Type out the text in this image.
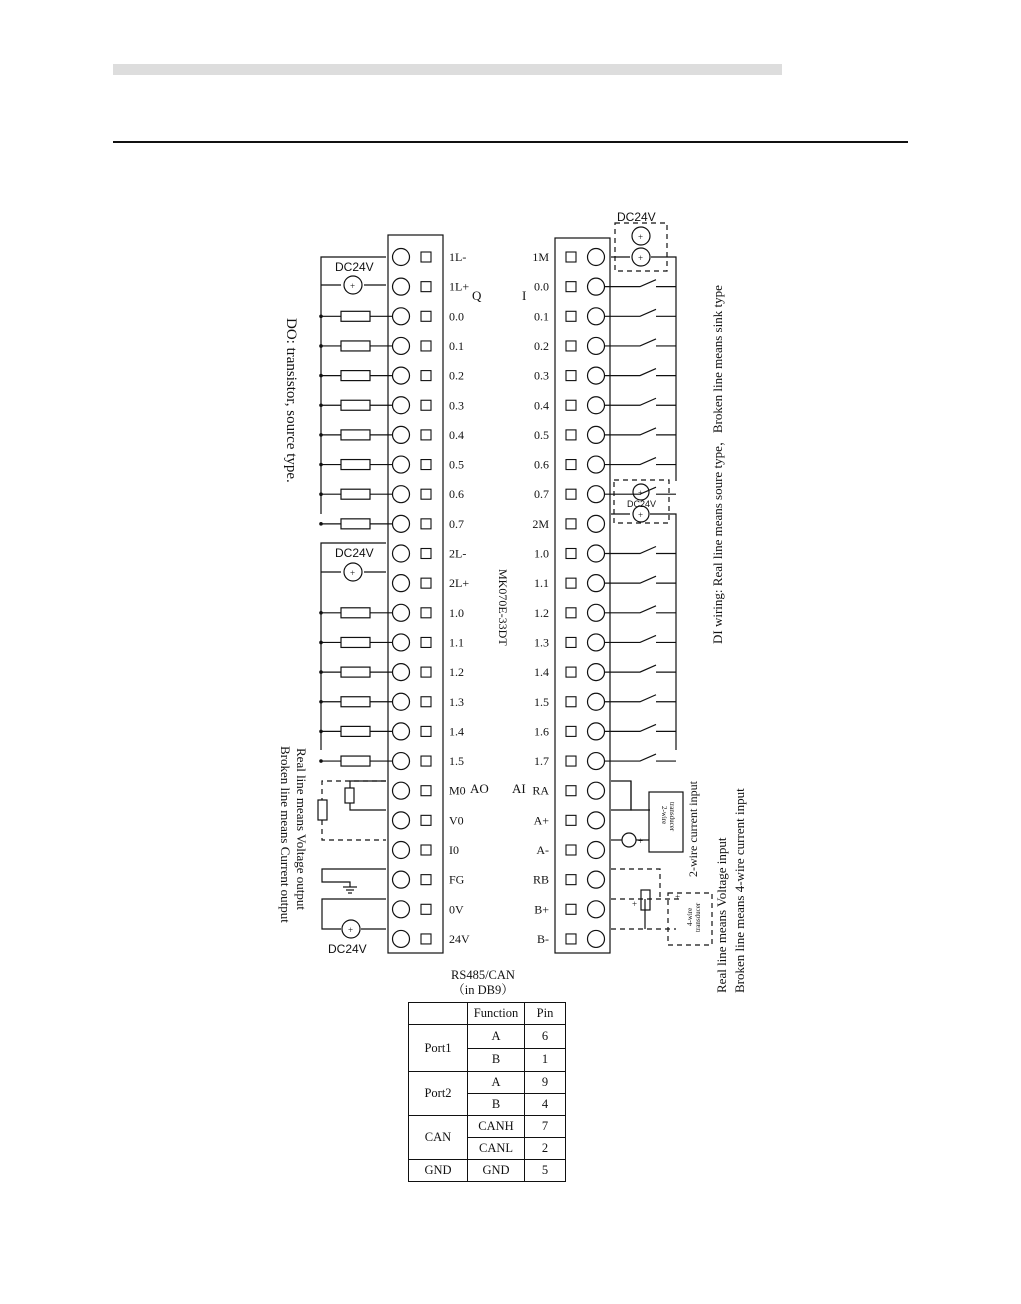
+
+
+
+
+
+
+
+
+
+
1L-
1L+
0.0
0.1
0.2
0.3
0.4
0.5
0.6
0.7
2L-
2L+
1.0
1.1
1.2
1.3
1.4
1.5
M0
V0
I0
FG
0V
24V
1M
0.0
0.1
0.2
0.3
0.4
0.5
0.6
0.7
2M
1.0
1.1
1.2
1.3
1.4
1.5
1.6
1.7
RA
A+
A-
RB
B+
B-
Q	I
AO AI
DC24V
DC24V
DC24V
DC24V
DC24V
DO: transistor, source type.
MK070E-33DT	DI wiring: Real line means soure type，Broken line means sink type
Real line means Voltage output
Broken line means Current output	2-wire current input
Real line means Voltage input Broken line means 4-wire current input
2-wire transducer
4-wire transducer
RS485/CAN
（in DB9）
	Function	Pin
Port1	A	6
	B	1
Port2	A	9
	B	4
CAN	CANH	7
	CANL	2
GND	GND	5
